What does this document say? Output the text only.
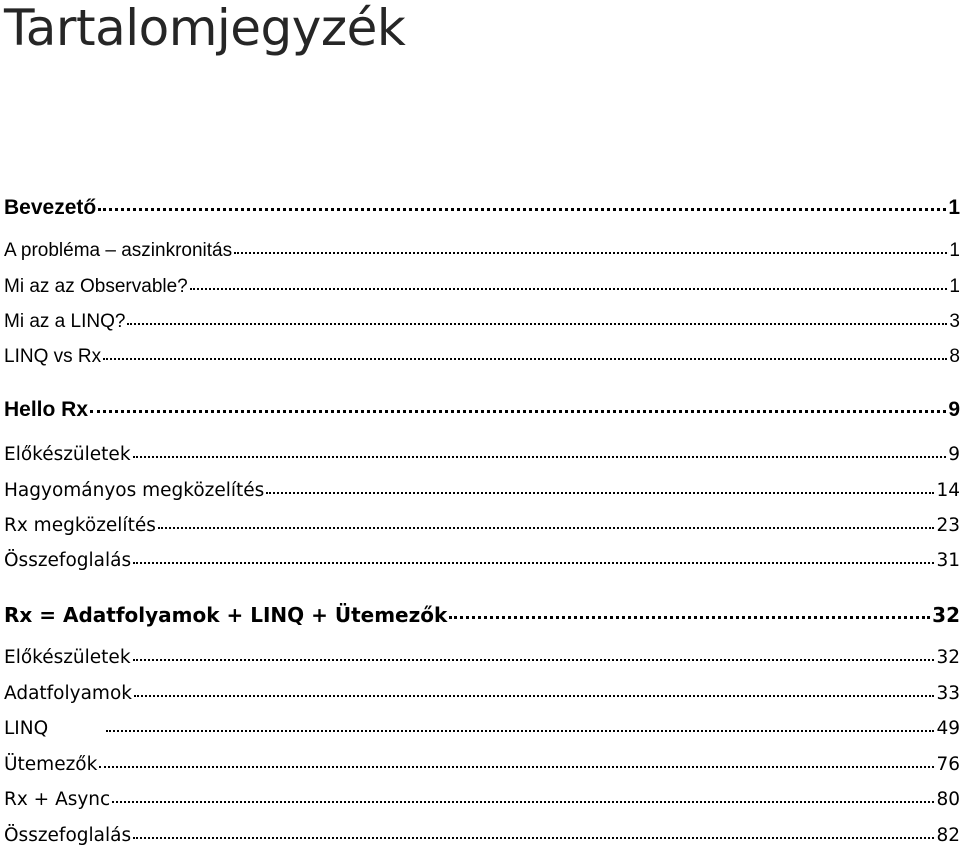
Tartalomjegyzék
Bevezető	1
A probléma – aszinkronitás	1
Mi az az Observable?	1
Mi az a LINQ?	3
LINQ vs Rx	8
Hello Rx	9
Előkészületek	9
Hagyományos megközelítés	14
Rx megközelítés	23
Összefoglalás	31
Rx = Adatfolyamok + LINQ + Ütemezők	32
Előkészületek	32
Adatfolyamok	33
LINQ	49
Ütemezők	76
Rx + Async	80
Összefoglalás	82
